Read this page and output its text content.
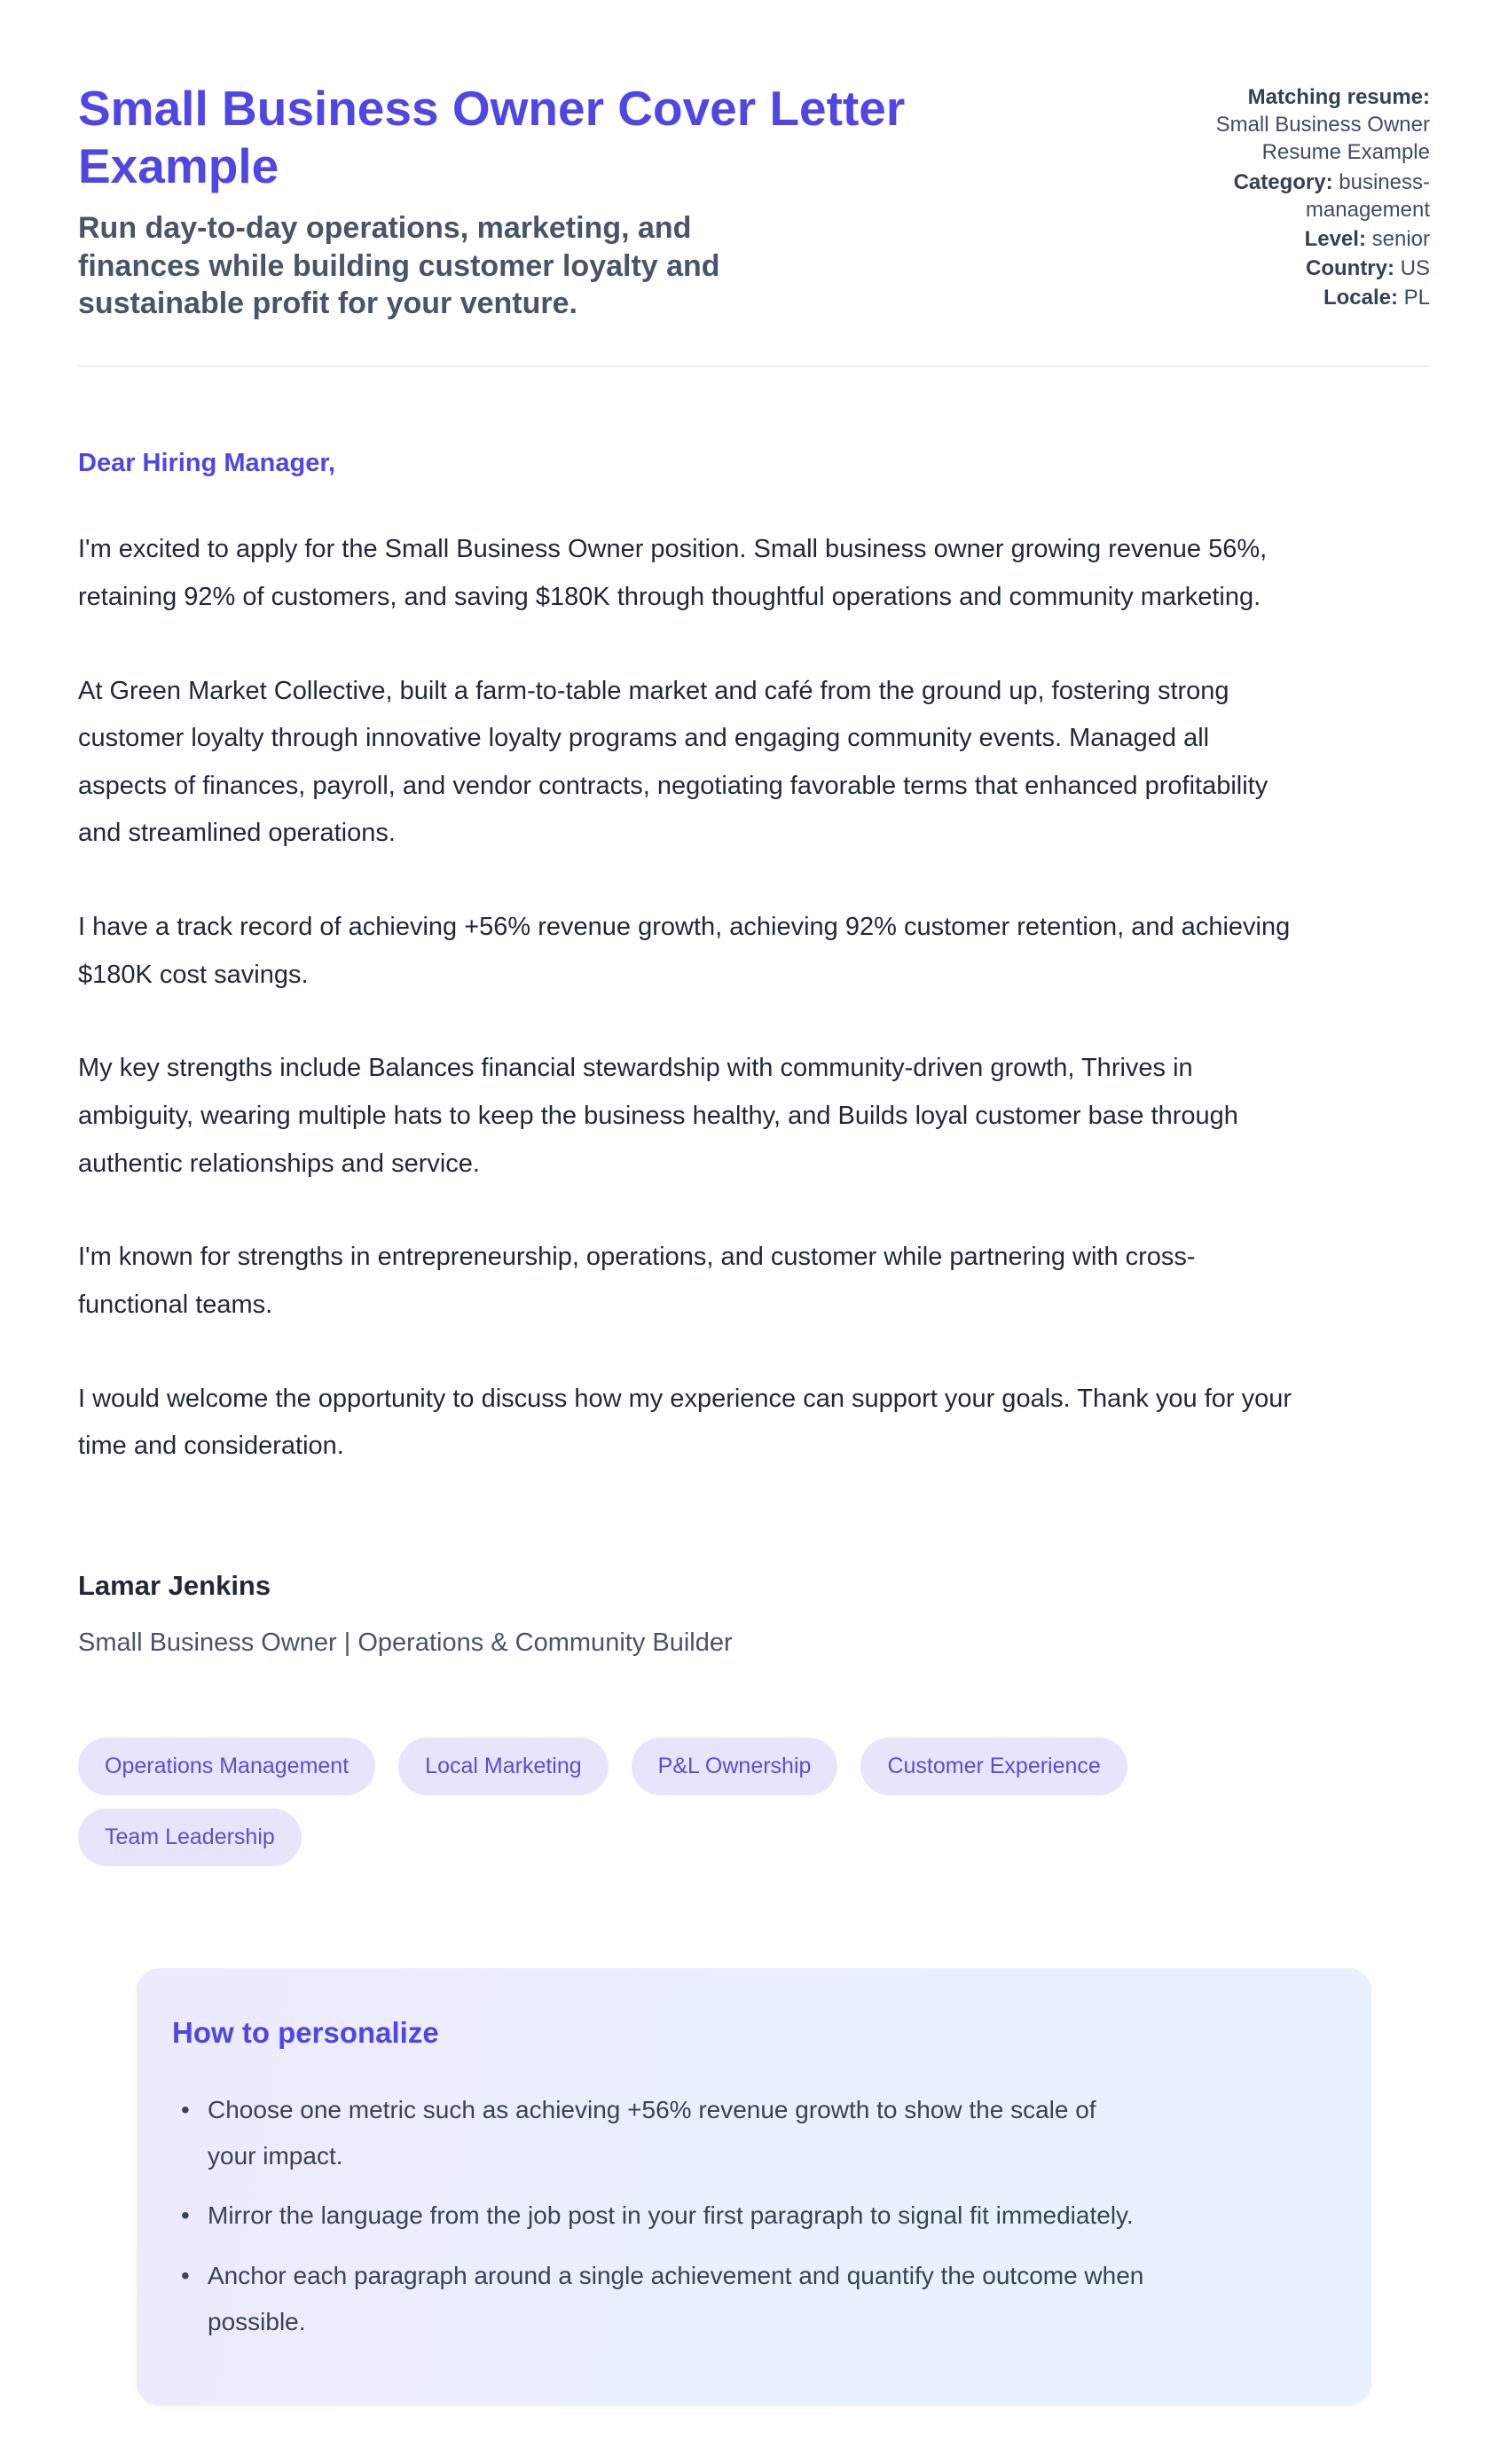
Small Business Owner Cover Letter Example
Run day-to-day operations, marketing, and finances while building customer loyalty and sustainable profit for your venture.
Matching resume:
Small Business Owner Resume Example
Category: business-management
Level: senior
Country: US
Locale: PL
Dear Hiring Manager,

I'm excited to apply for the Small Business Owner position. Small business owner growing revenue 56%, retaining 92% of customers, and saving $180K through thoughtful operations and community marketing.

At Green Market Collective, built a farm-to-table market and café from the ground up, fostering strong customer loyalty through innovative loyalty programs and engaging community events. Managed all aspects of finances, payroll, and vendor contracts, negotiating favorable terms that enhanced profitability and streamlined operations.

I have a track record of achieving +56% revenue growth, achieving 92% customer retention, and achieving $180K cost savings.

My key strengths include Balances financial stewardship with community-driven growth, Thrives in ambiguity, wearing multiple hats to keep the business healthy, and Builds loyal customer base through authentic relationships and service.

I'm known for strengths in entrepreneurship, operations, and customer while partnering with cross-functional teams.

I would welcome the opportunity to discuss how my experience can support your goals. Thank you for your time and consideration.

Lamar Jenkins
Small Business Owner | Operations & Community Builder
Operations Management	Local Marketing	P&L Ownership	Customer Experience
Team Leadership
How to personalize
• Choose one metric such as achieving +56% revenue growth to show the scale of your impact.
• Mirror the language from the job post in your first paragraph to signal fit immediately.
• Anchor each paragraph around a single achievement and quantify the outcome when possible.
